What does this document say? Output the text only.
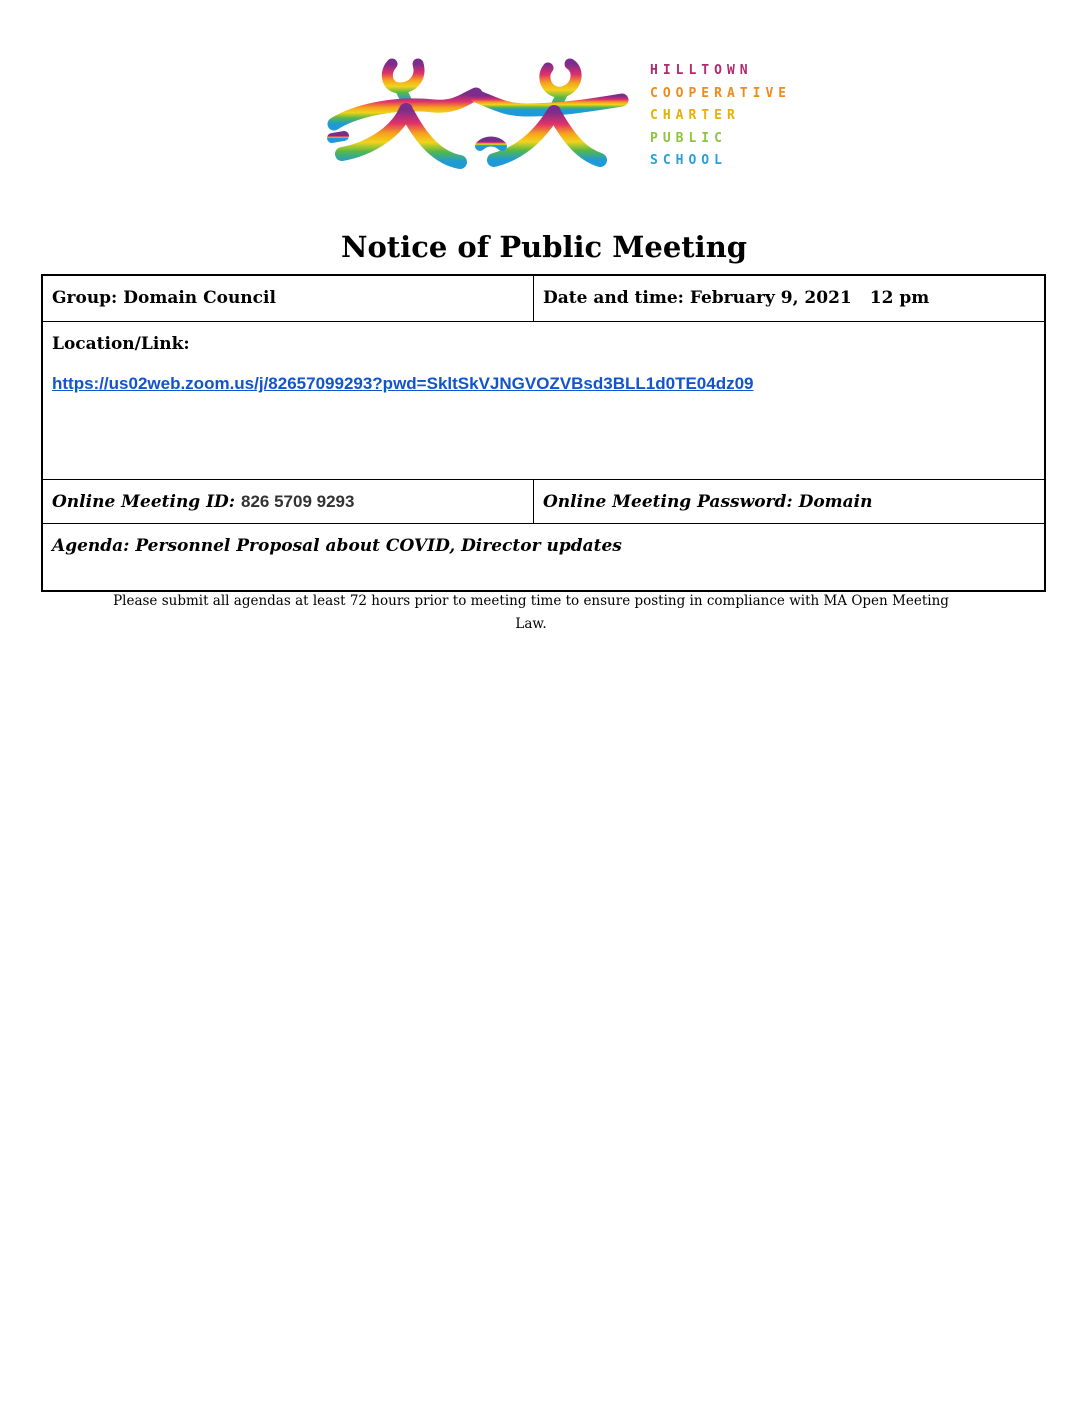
HILLTOWN
COOPERATIVE
CHARTER
PUBLIC
SCHOOL
Notice of Public Meeting
Group: Domain Council	Date and time: February 9, 2021 12 pm
Location/Link:
https://us02web.zoom.us/j/82657099293?pwd=SkltSkVJNGVOZVBsd3BLL1d0TE04dz09
Online Meeting ID: 826 5709 9293	Online Meeting Password: Domain
Agenda: Personnel Proposal about COVID, Director updates
Please submit all agendas at least 72 hours prior to meeting time to ensure posting in compliance with MA Open Meeting
Law.
